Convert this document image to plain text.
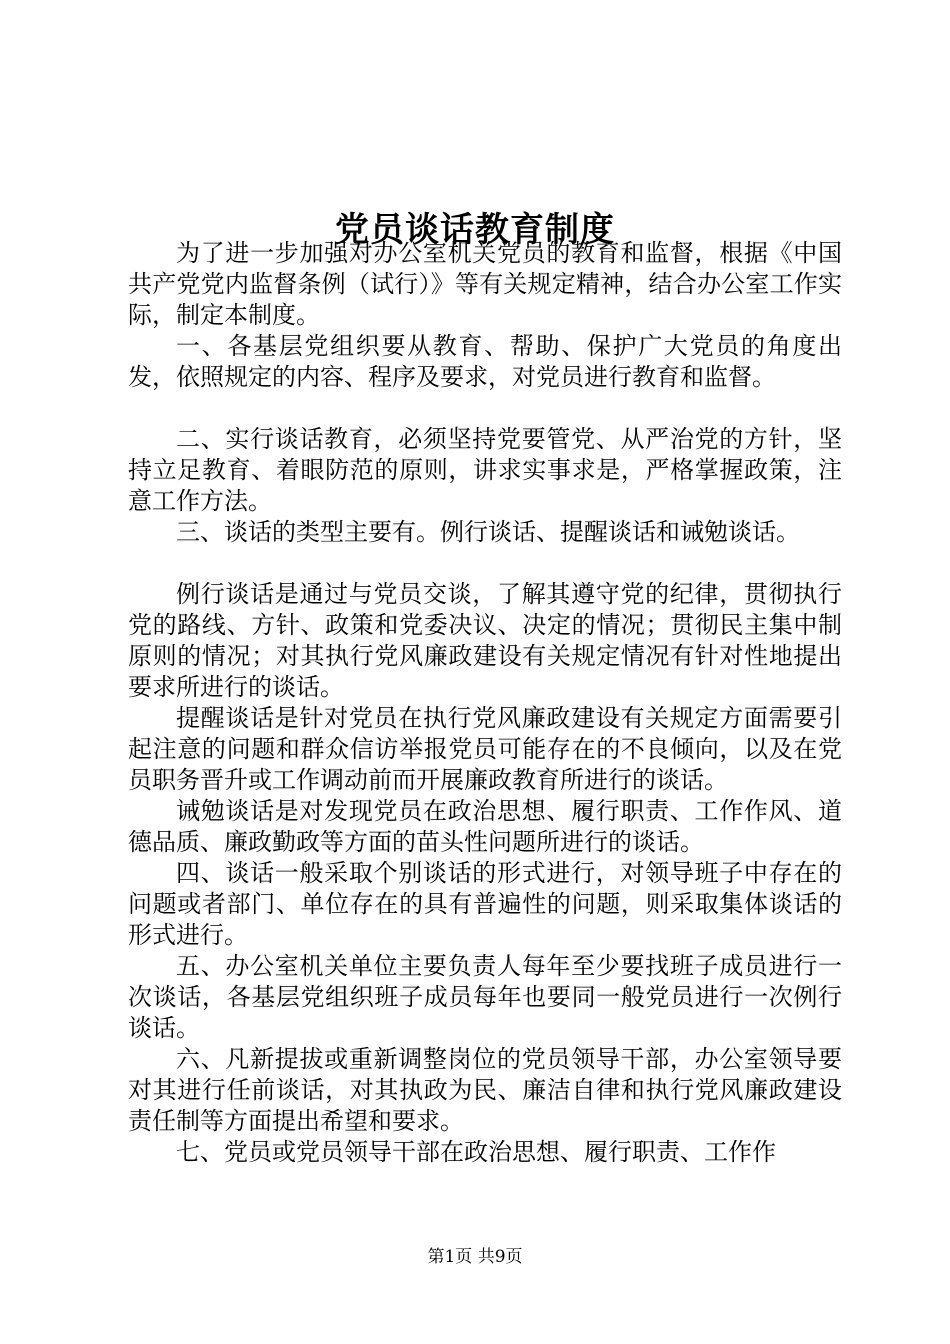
党员谈话教育制度

为了进一步加强对办公室机关党员的教育和监督，根据《中国共产党党内监督条例（试行）》等有关规定精神，结合办公室工作实际，制定本制度。

一、各基层党组织要从教育、帮助、保护广大党员的角度出发，依照规定的内容、程序及要求，对党员进行教育和监督。

二、实行谈话教育，必须坚持党要管党、从严治党的方针，坚持立足教育、着眼防范的原则，讲求实事求是，严格掌握政策，注意工作方法。

三、谈话的类型主要有。例行谈话、提醒谈话和诫勉谈话。

例行谈话是通过与党员交谈，了解其遵守党的纪律，贯彻执行党的路线、方针、政策和党委决议、决定的情况；贯彻民主集中制原则的情况；对其执行党风廉政建设有关规定情况有针对性地提出要求所进行的谈话。

提醒谈话是针对党员在执行党风廉政建设有关规定方面需要引起注意的问题和群众信访举报党员可能存在的不良倾向，以及在党员职务晋升或工作调动前而开展廉政教育所进行的谈话。

诫勉谈话是对发现党员在政治思想、履行职责、工作作风、道德品质、廉政勤政等方面的苗头性问题所进行的谈话。

四、谈话一般采取个别谈话的形式进行，对领导班子中存在的问题或者部门、单位存在的具有普遍性的问题，则采取集体谈话的形式进行。

五、办公室机关单位主要负责人每年至少要找班子成员进行一次谈话，各基层党组织班子成员每年也要同一般党员进行一次例行谈话。

六、凡新提拔或重新调整岗位的党员领导干部，办公室领导要对其进行任前谈话，对其执政为民、廉洁自律和执行党风廉政建设责任制等方面提出希望和要求。

七、党员或党员领导干部在政治思想、履行职责、工作作

第1页 共9页
